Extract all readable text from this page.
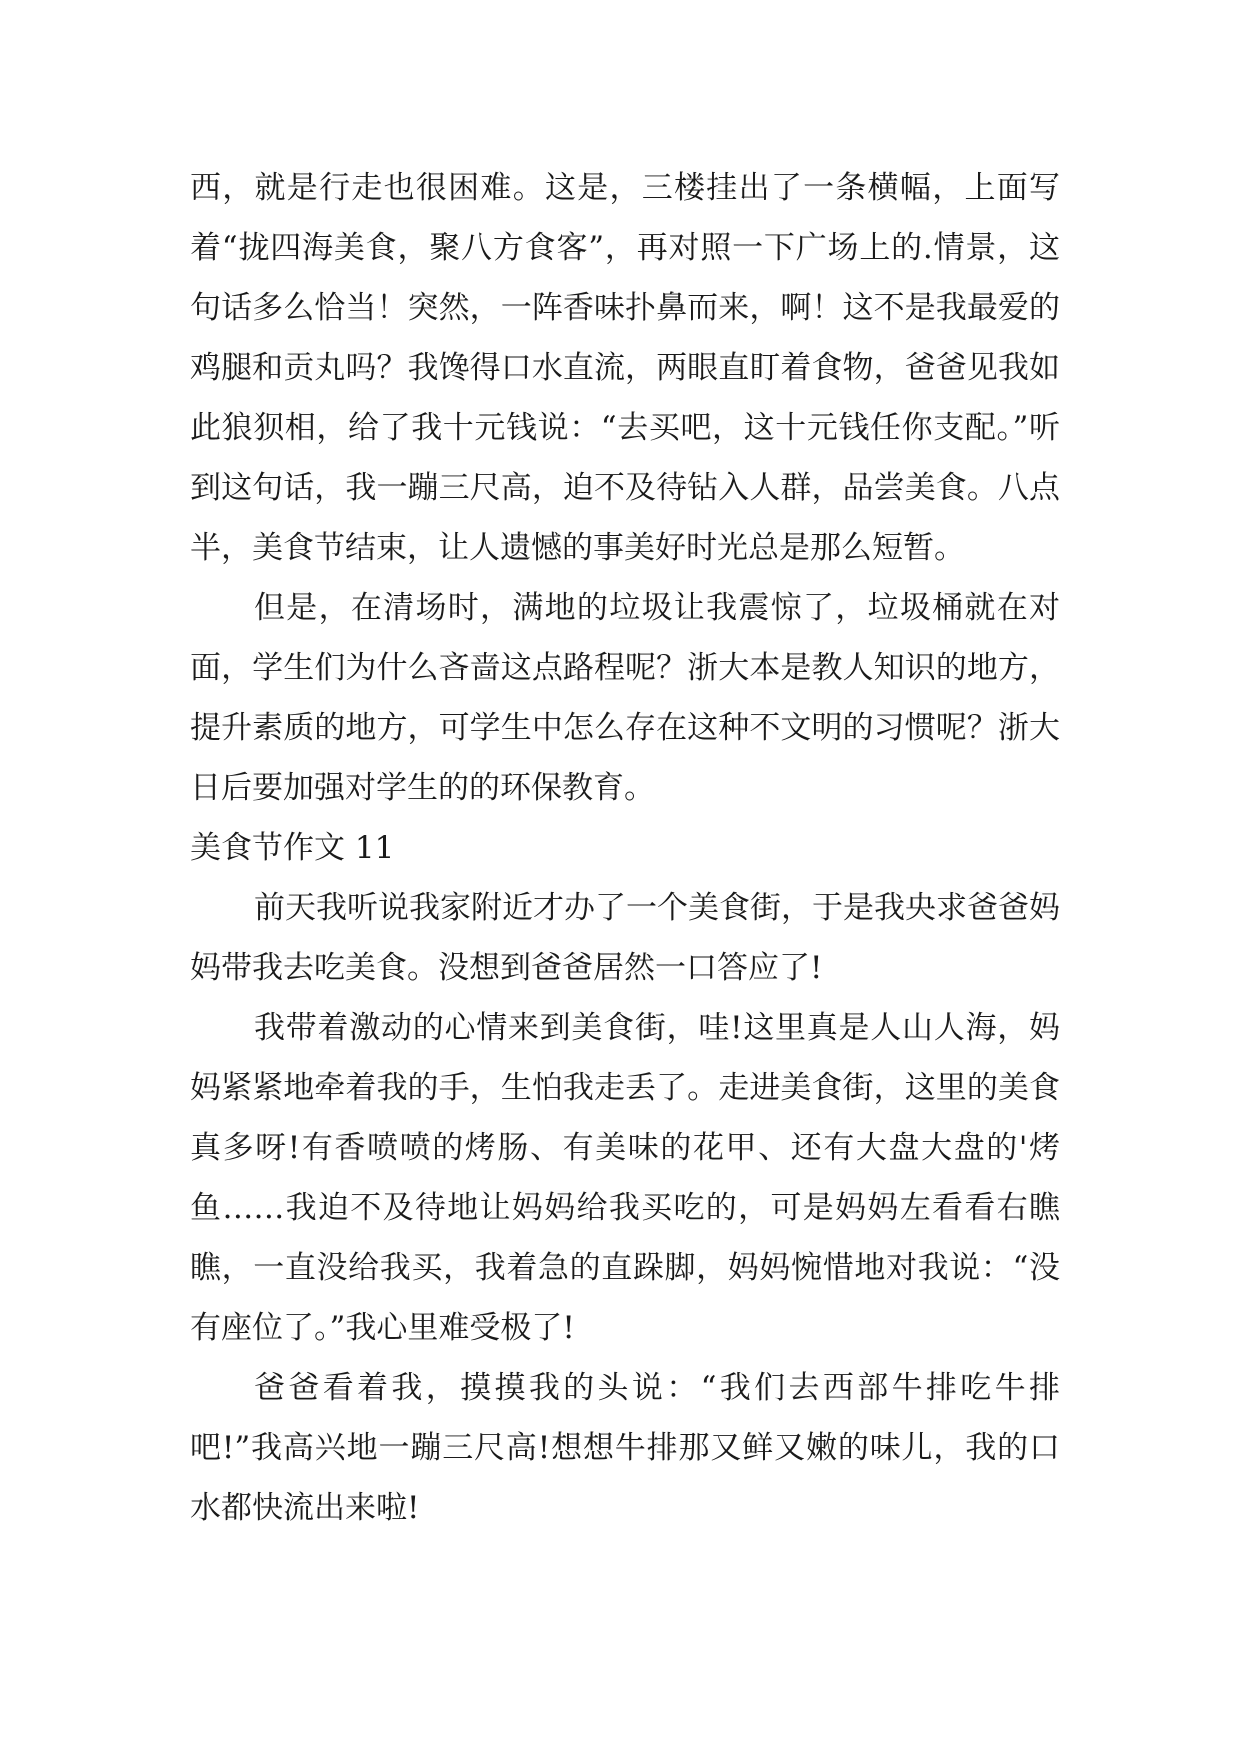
西，就是行走也很困难。这是，三楼挂出了一条横幅，上面写着“拢四海美食，聚八方食客”，再对照一下广场上的.情景，这句话多么恰当！突然，一阵香味扑鼻而来，啊！这不是我最爱的鸡腿和贡丸吗？我馋得口水直流，两眼直盯着食物，爸爸见我如此狼狈相，给了我十元钱说：“去买吧，这十元钱任你支配。”听到这句话，我一蹦三尺高，迫不及待钻入人群，品尝美食。八点半，美食节结束，让人遗憾的事美好时光总是那么短暂。

但是，在清场时，满地的垃圾让我震惊了，垃圾桶就在对面，学生们为什么吝啬这点路程呢？浙大本是教人知识的地方，提升素质的地方，可学生中怎么存在这种不文明的习惯呢？浙大日后要加强对学生的的环保教育。

美食节作文 11

前天我听说我家附近才办了一个美食街，于是我央求爸爸妈妈带我去吃美食。没想到爸爸居然一口答应了!

我带着激动的心情来到美食街，哇!这里真是人山人海，妈妈紧紧地牵着我的手，生怕我走丢了。走进美食街，这里的美食真多呀!有香喷喷的烤肠、有美味的花甲、还有大盘大盘的'烤鱼……我迫不及待地让妈妈给我买吃的，可是妈妈左看看右瞧瞧，一直没给我买，我着急的直跺脚，妈妈惋惜地对我说：“没有座位了。”我心里难受极了!

爸爸看着我，摸摸我的头说：“我们去西部牛排吃牛排吧!”我高兴地一蹦三尺高!想想牛排那又鲜又嫩的味儿，我的口水都快流出来啦!
